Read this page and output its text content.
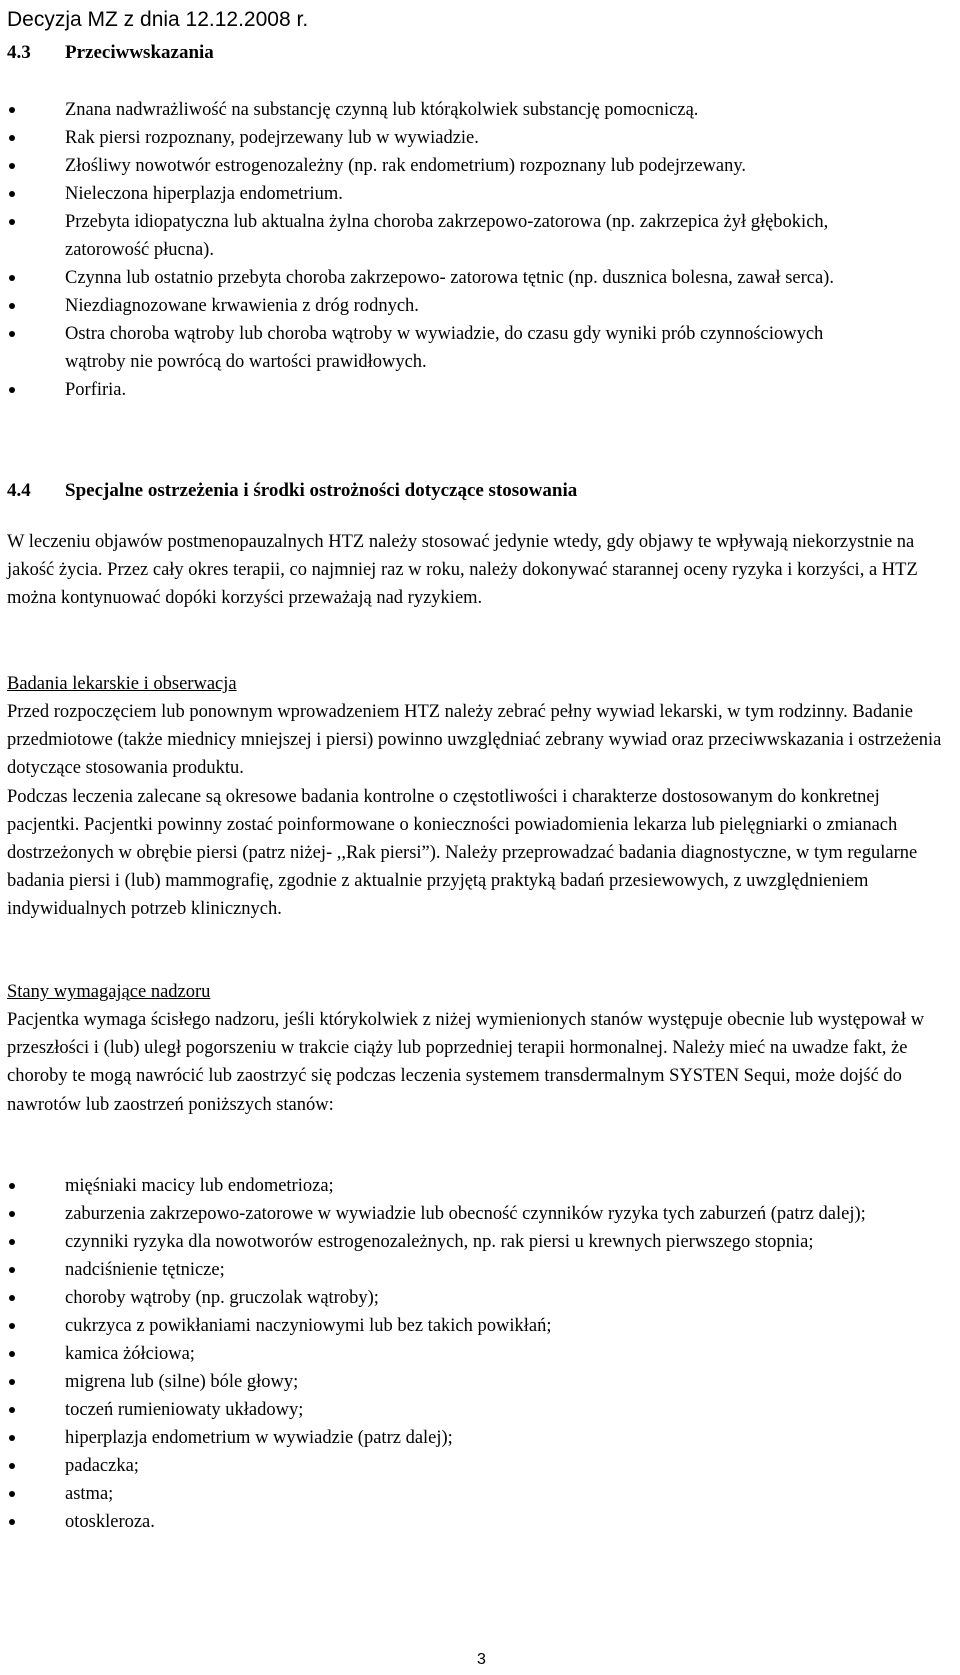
Decyzja MZ z dnia 12.12.2008 r.
4.3 Przeciwwskazania
Znana nadwrażliwość na substancję czynną lub którąkolwiek substancję pomocniczą.
Rak piersi rozpoznany, podejrzewany lub w wywiadzie.
Złośliwy nowotwór estrogenozależny (np. rak endometrium) rozpoznany lub podejrzewany.
Nieleczona hiperplazja endometrium.
Przebyta idiopatyczna lub aktualna żylna choroba zakrzepowo-zatorowa (np. zakrzepica żył głębokich, zatorowość płucna).
Czynna lub ostatnio przebyta choroba zakrzepowo- zatorowa tętnic (np. dusznica bolesna, zawał serca).
Niezdiagnozowane krwawienia z dróg rodnych.
Ostra choroba wątroby lub choroba wątroby w wywiadzie, do czasu gdy wyniki prób czynnościowych wątroby nie powrócą do wartości prawidłowych.
Porfiria.
4.4 Specjalne ostrzeżenia i środki ostrożności dotyczące stosowania

W leczeniu objawów postmenopauzalnych HTZ należy stosować jedynie wtedy, gdy objawy te wpływają niekorzystnie na jakość życia. Przez cały okres terapii, co najmniej raz w roku, należy dokonywać starannej oceny ryzyka i korzyści, a HTZ można kontynuować dopóki korzyści przeważają nad ryzykiem.

Badania lekarskie i obserwacja

Przed rozpoczęciem lub ponownym wprowadzeniem HTZ należy zebrać pełny wywiad lekarski, w tym rodzinny. Badanie przedmiotowe (także miednicy mniejszej i piersi) powinno uwzględniać zebrany wywiad oraz przeciwwskazania i ostrzeżenia dotyczące stosowania produktu.

Podczas leczenia zalecane są okresowe badania kontrolne o częstotliwości i charakterze dostosowanym do konkretnej pacjentki. Pacjentki powinny zostać poinformowane o konieczności powiadomienia lekarza lub pielęgniarki o zmianach dostrzeżonych w obrębie piersi (patrz niżej- ,,Rak piersi”). Należy przeprowadzać badania diagnostyczne, w tym regularne badania piersi i (lub) mammografię, zgodnie z aktualnie przyjętą praktyką badań przesiewowych, z uwzględnieniem indywidualnych potrzeb klinicznych.

Stany wymagające nadzoru

Pacjentka wymaga ścisłego nadzoru, jeśli którykolwiek z niżej wymienionych stanów występuje obecnie lub występował w przeszłości i (lub) uległ pogorszeniu w trakcie ciąży lub poprzedniej terapii hormonalnej. Należy mieć na uwadze fakt, że choroby te mogą nawrócić lub zaostrzyć się podczas leczenia systemem transdermalnym SYSTEN Sequi, może dojść do nawrotów lub zaostrzeń poniższych stanów:

mięśniaki macicy lub endometrioza;
zaburzenia zakrzepowo-zatorowe w wywiadzie lub obecność czynników ryzyka tych zaburzeń (patrz dalej);
czynniki ryzyka dla nowotworów estrogenozależnych, np. rak piersi u krewnych pierwszego stopnia;
nadciśnienie tętnicze;
choroby wątroby (np. gruczolak wątroby);
cukrzyca z powikłaniami naczyniowymi lub bez takich powikłań;
kamica żółciowa;
migrena lub (silne) bóle głowy;
toczeń rumieniowaty układowy;
hiperplazja endometrium w wywiadzie (patrz dalej);
padaczka;
astma;
otoskleroza.
3
